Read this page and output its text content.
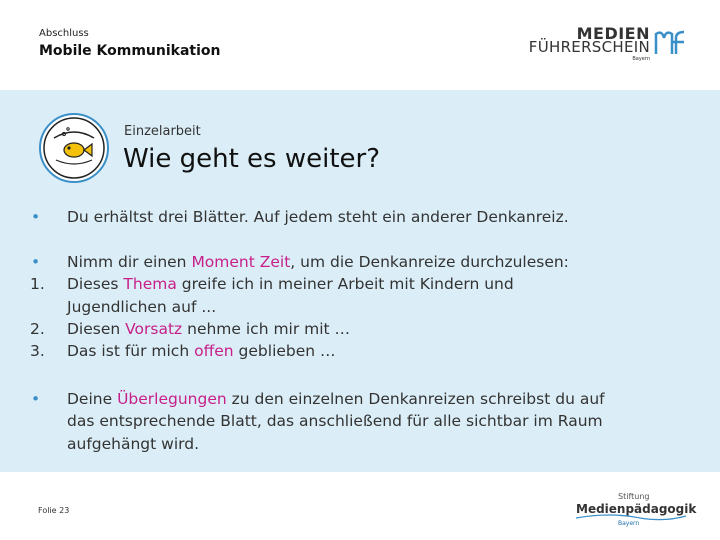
Abschluss
Mobile Kommunikation
MEDIEN
FÜHRERSCHEIN
Bayern
Einzelarbeit
Wie geht es weiter?
• Du erhältst drei Blätter. Auf jedem steht ein anderer Denkanreiz.
• Nimm dir einen Moment Zeit, um die Denkanreize durchzulesen:
1. Dieses Thema greife ich in meiner Arbeit mit Kindern und
Jugendlichen auf ...
2. Diesen Vorsatz nehme ich mir mit …
3. Das ist für mich offen geblieben …
• Deine Überlegungen zu den einzelnen Denkanreizen schreibst du auf
das entsprechende Blatt, das anschließend für alle sichtbar im Raum
aufgehängt wird.
Folie 23
Stiftung
Medienpädagogik
Bayern
